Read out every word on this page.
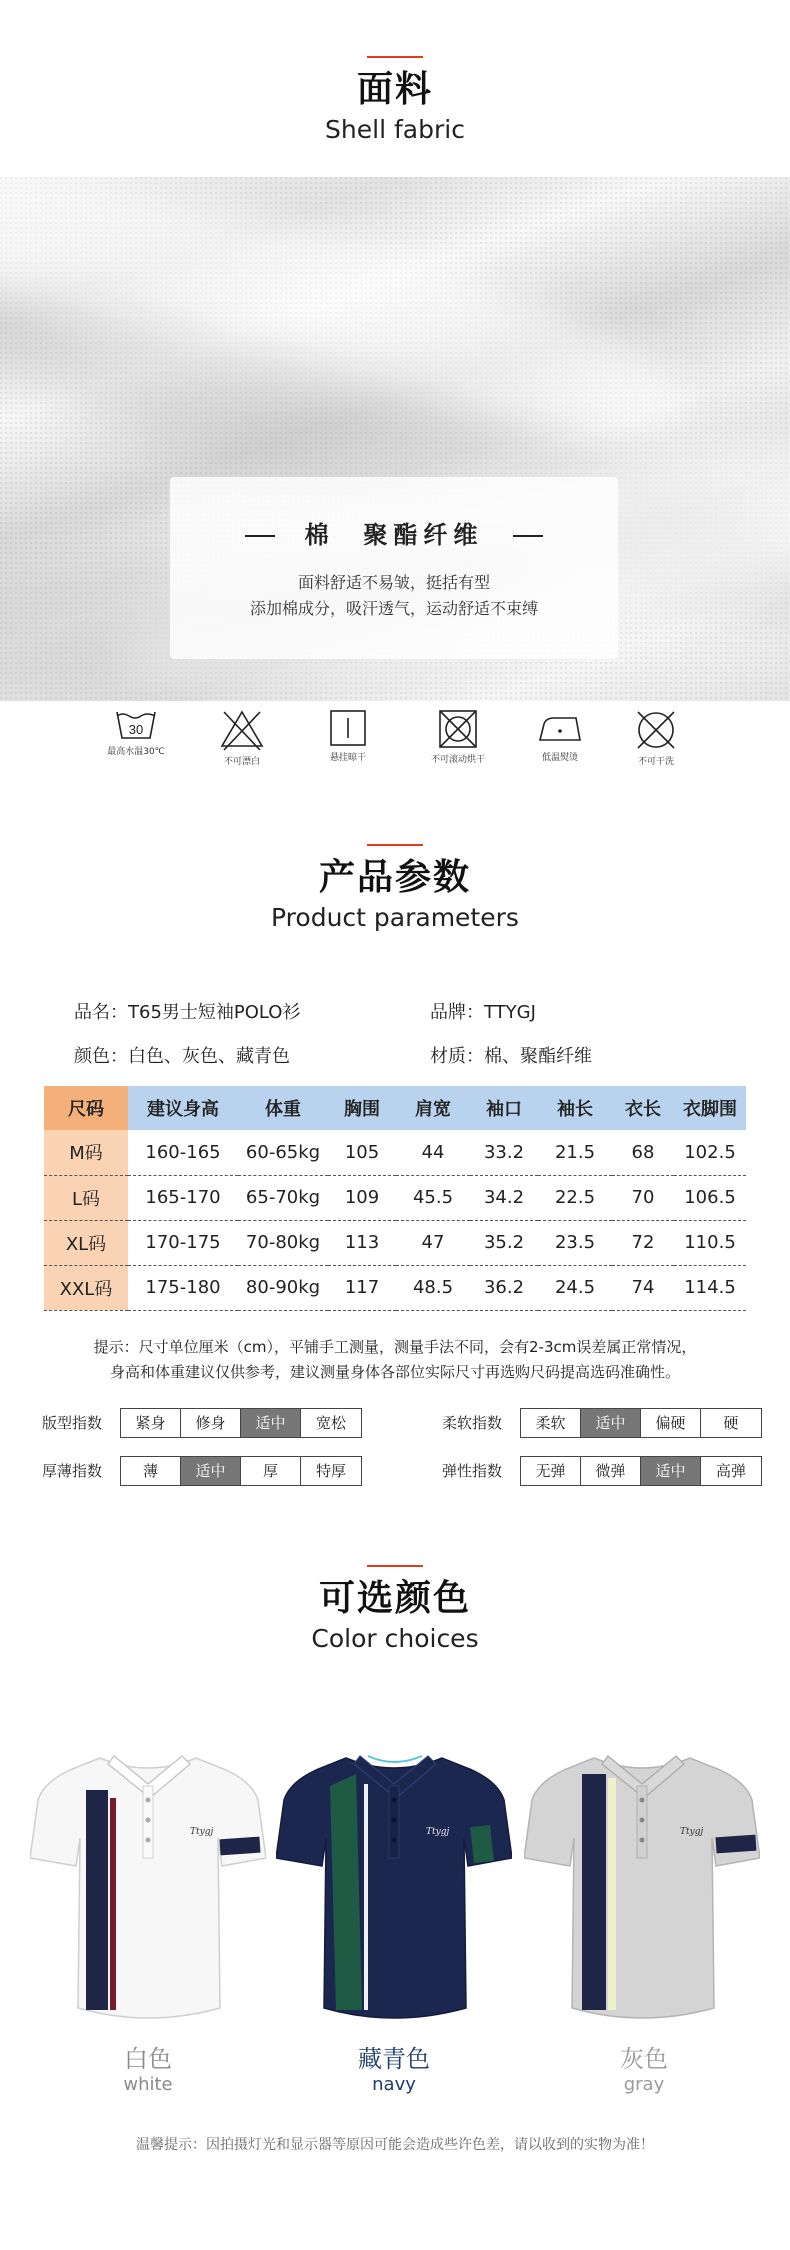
面料
Shell fabric
棉  聚酯纤维
面料舒适不易皱，挺括有型
添加棉成分，吸汗透气，运动舒适不束缚
30
最高水温30℃
不可漂白	悬挂晾干	不可滚动烘干	低温熨烫	不可干洗
产品参数
Product parameters
品名：T65男士短袖POLO衫	品牌：TTYGJ
颜色：白色、灰色、藏青色	材质：棉、聚酯纤维
尺码	建议身高	体重	胸围	肩宽	袖口	袖长	衣长	衣脚围
M码	160-165	60-65kg	105	44	33.2	21.5	68	102.5
L码	165-170	65-70kg	109	45.5	34.2	22.5	70	106.5
XL码	170-175	70-80kg	113	47	35.2	23.5	72	110.5
XXL码	175-180	80-90kg	117	48.5	36.2	24.5	74	114.5
提示：尺寸单位厘米（cm），平铺手工测量，测量手法不同，会有2-3cm误差属正常情况，
身高和体重建议仅供参考，建议测量身体各部位实际尺寸再选购尺码提高选码准确性。
版型指数	紧身	修身	适中	宽松	柔软指数	柔软	适中	偏硬	硬
厚薄指数	薄	适中	厚	特厚	弹性指数	无弹	微弹	适中	高弹
可选颜色
Color choices
Ttygj	Ttygj	Ttygj
白色
white
藏青色
navy
灰色
gray
温馨提示：因拍摄灯光和显示器等原因可能会造成些许色差，请以收到的实物为准！
